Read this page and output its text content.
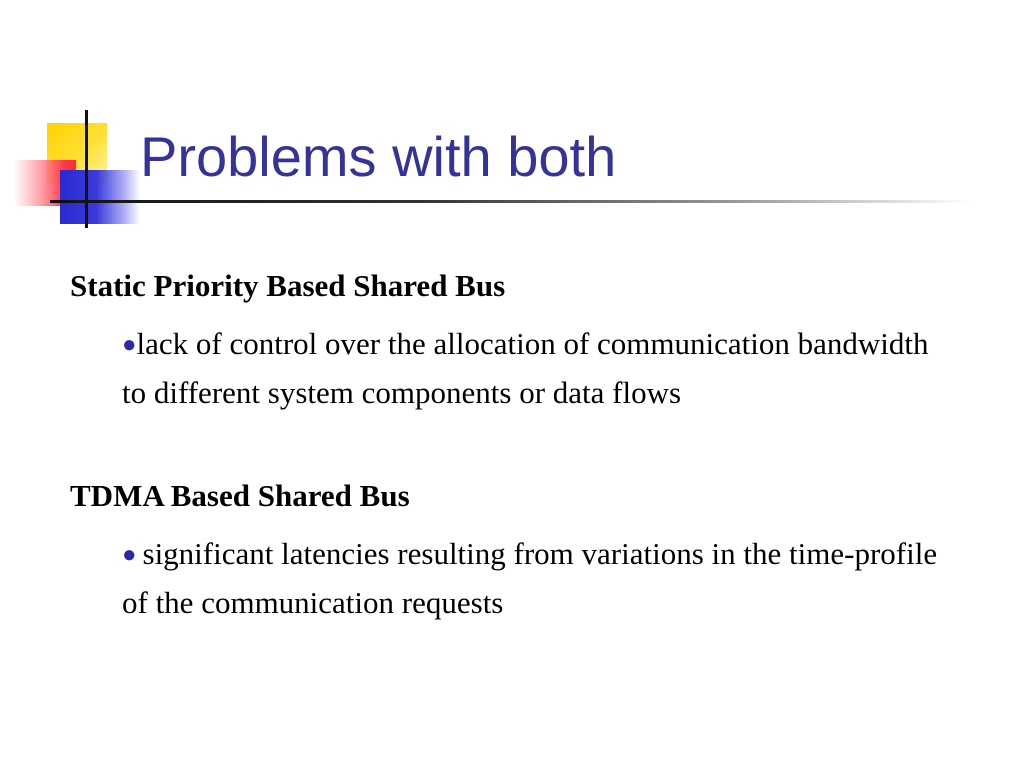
Problems with both
Static Priority Based Shared Bus

●lack of control over the allocation of communication bandwidth to different system components or data flows

TDMA Based Shared Bus

● significant latencies resulting from variations in the time-profile of the communication requests
